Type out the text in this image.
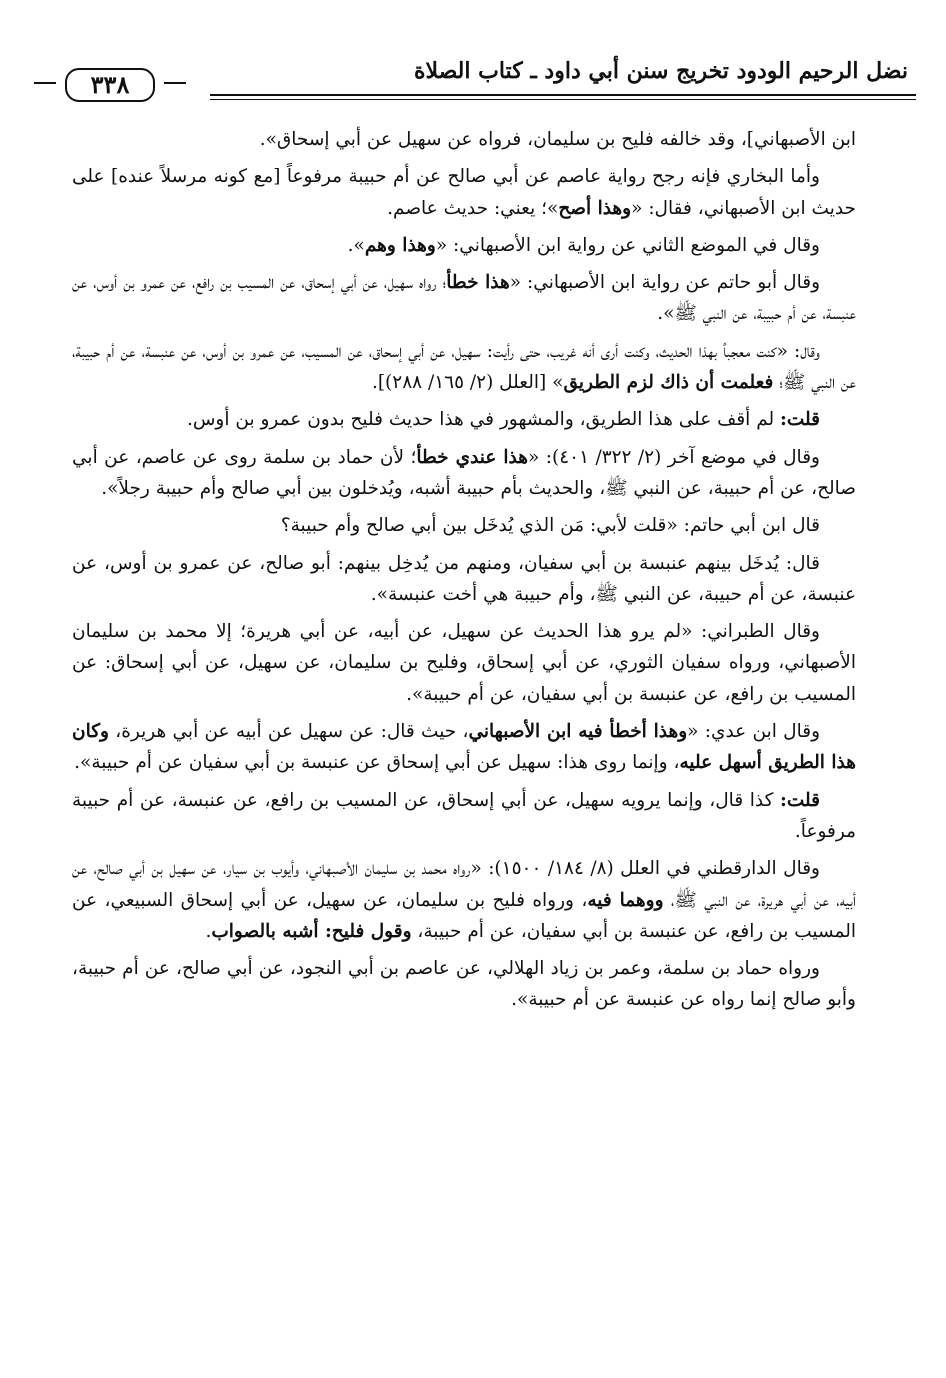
نضل الرحيم الودود تخريج سنن أبي داود ـ كتاب الصلاة
٣٣٨

ابن الأصبهاني]، وقد خالفه فليح بن سليمان، فرواه عن سهيل عن أبي إسحاق».

وأما البخاري فإنه رجح رواية عاصم عن أبي صالح عن أم حبيبة مرفوعاً [مع كونه مرسلاً عنده] على حديث ابن الأصبهاني، فقال: «وهذا أصح»؛ يعني: حديث عاصم.

وقال في الموضع الثاني عن رواية ابن الأصبهاني: «وهذا وهم».

وقال أبو حاتم عن رواية ابن الأصبهاني: «هذا خطأ؛ رواه سهيل، عن أبي إسحاق، عن المسيب بن رافع، عن عمرو بن أوس، عن عنبسة، عن أم حبيبة، عن النبي ﷺ».

وقال: «كنت معجباً بهذا الحديث، وكنت أرى أنه غريب، حتى رأيت: سهيل، عن أبي إسحاق، عن المسيب، عن عمرو بن أوس، عن عنبسة، عن أم حبيبة، عن النبي ﷺ؛ فعلمت أن ذاك لزم الطريق» [العلل (٢/ ١٦٥/ ٢٨٨)].

قلت: لم أقف على هذا الطريق، والمشهور في هذا حديث فليح بدون عمرو بن أوس.

وقال في موضع آخر (٢/ ٣٢٢/ ٤٠١): «هذا عندي خطأ؛ لأن حماد بن سلمة روى عن عاصم، عن أبي صالح، عن أم حبيبة، عن النبي ﷺ، والحديث بأم حبيبة أشبه، ويُدخلون بين أبي صالح وأم حبيبة رجلاً».

قال ابن أبي حاتم: «قلت لأبي: مَن الذي يُدخَل بين أبي صالح وأم حبيبة؟

قال: يُدخَل بينهم عنبسة بن أبي سفيان، ومنهم من يُدخِل بينهم: أبو صالح، عن عمرو بن أوس، عن عنبسة، عن أم حبيبة، عن النبي ﷺ، وأم حبيبة هي أخت عنبسة».

وقال الطبراني: «لم يرو هذا الحديث عن سهيل، عن أبيه، عن أبي هريرة؛ إلا محمد بن سليمان الأصبهاني، ورواه سفيان الثوري، عن أبي إسحاق، وفليح بن سليمان، عن سهيل، عن أبي إسحاق: عن المسيب بن رافع، عن عنبسة بن أبي سفيان، عن أم حبيبة».

وقال ابن عدي: «وهذا أخطأ فيه ابن الأصبهاني، حيث قال: عن سهيل عن أبيه عن أبي هريرة، وكان هذا الطريق أسهل عليه، وإنما روى هذا: سهيل عن أبي إسحاق عن عنبسة بن أبي سفيان عن أم حبيبة».

قلت: كذا قال، وإنما يرويه سهيل، عن أبي إسحاق، عن المسيب بن رافع، عن عنبسة، عن أم حبيبة مرفوعاً.

وقال الدارقطني في العلل (٨/ ١٨٤/ ١٥٠٠): «رواه محمد بن سليمان الأصبهاني، وأيوب بن سيار، عن سهيل بن أبي صالح، عن أبيه، عن أبي هريرة، عن النبي ﷺ، ووهما فيه، ورواه فليح بن سليمان، عن سهيل، عن أبي إسحاق السبيعي، عن المسيب بن رافع، عن عنبسة بن أبي سفيان، عن أم حبيبة، وقول فليح: أشبه بالصواب.

ورواه حماد بن سلمة، وعمر بن زياد الهلالي، عن عاصم بن أبي النجود، عن أبي صالح، عن أم حبيبة، وأبو صالح إنما رواه عن عنبسة عن أم حبيبة».
